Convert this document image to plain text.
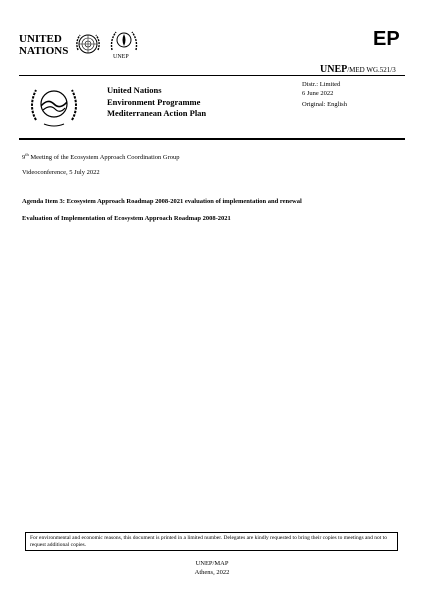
UNITED
NATIONS	UNEP
EP
UNEP/MED WG.521/3
United Nations
Environment Programme
Mediterranean Action Plan
Distr.: Limited
6 June 2022
Original: English
9th Meeting of the Ecosystem Approach Coordination Group
Videoconference, 5 July 2022
Agenda Item 3: Ecosystem Approach Roadmap 2008-2021 evaluation of implementation and renewal
Evaluation of Implementation of Ecosystem Approach Roadmap 2008-2021
For environmental and economic reasons, this document is printed in a limited number. Delegates are kindly requested to bring their copies to meetings and not to request additional copies.
UNEP/MAP
Athens, 2022
